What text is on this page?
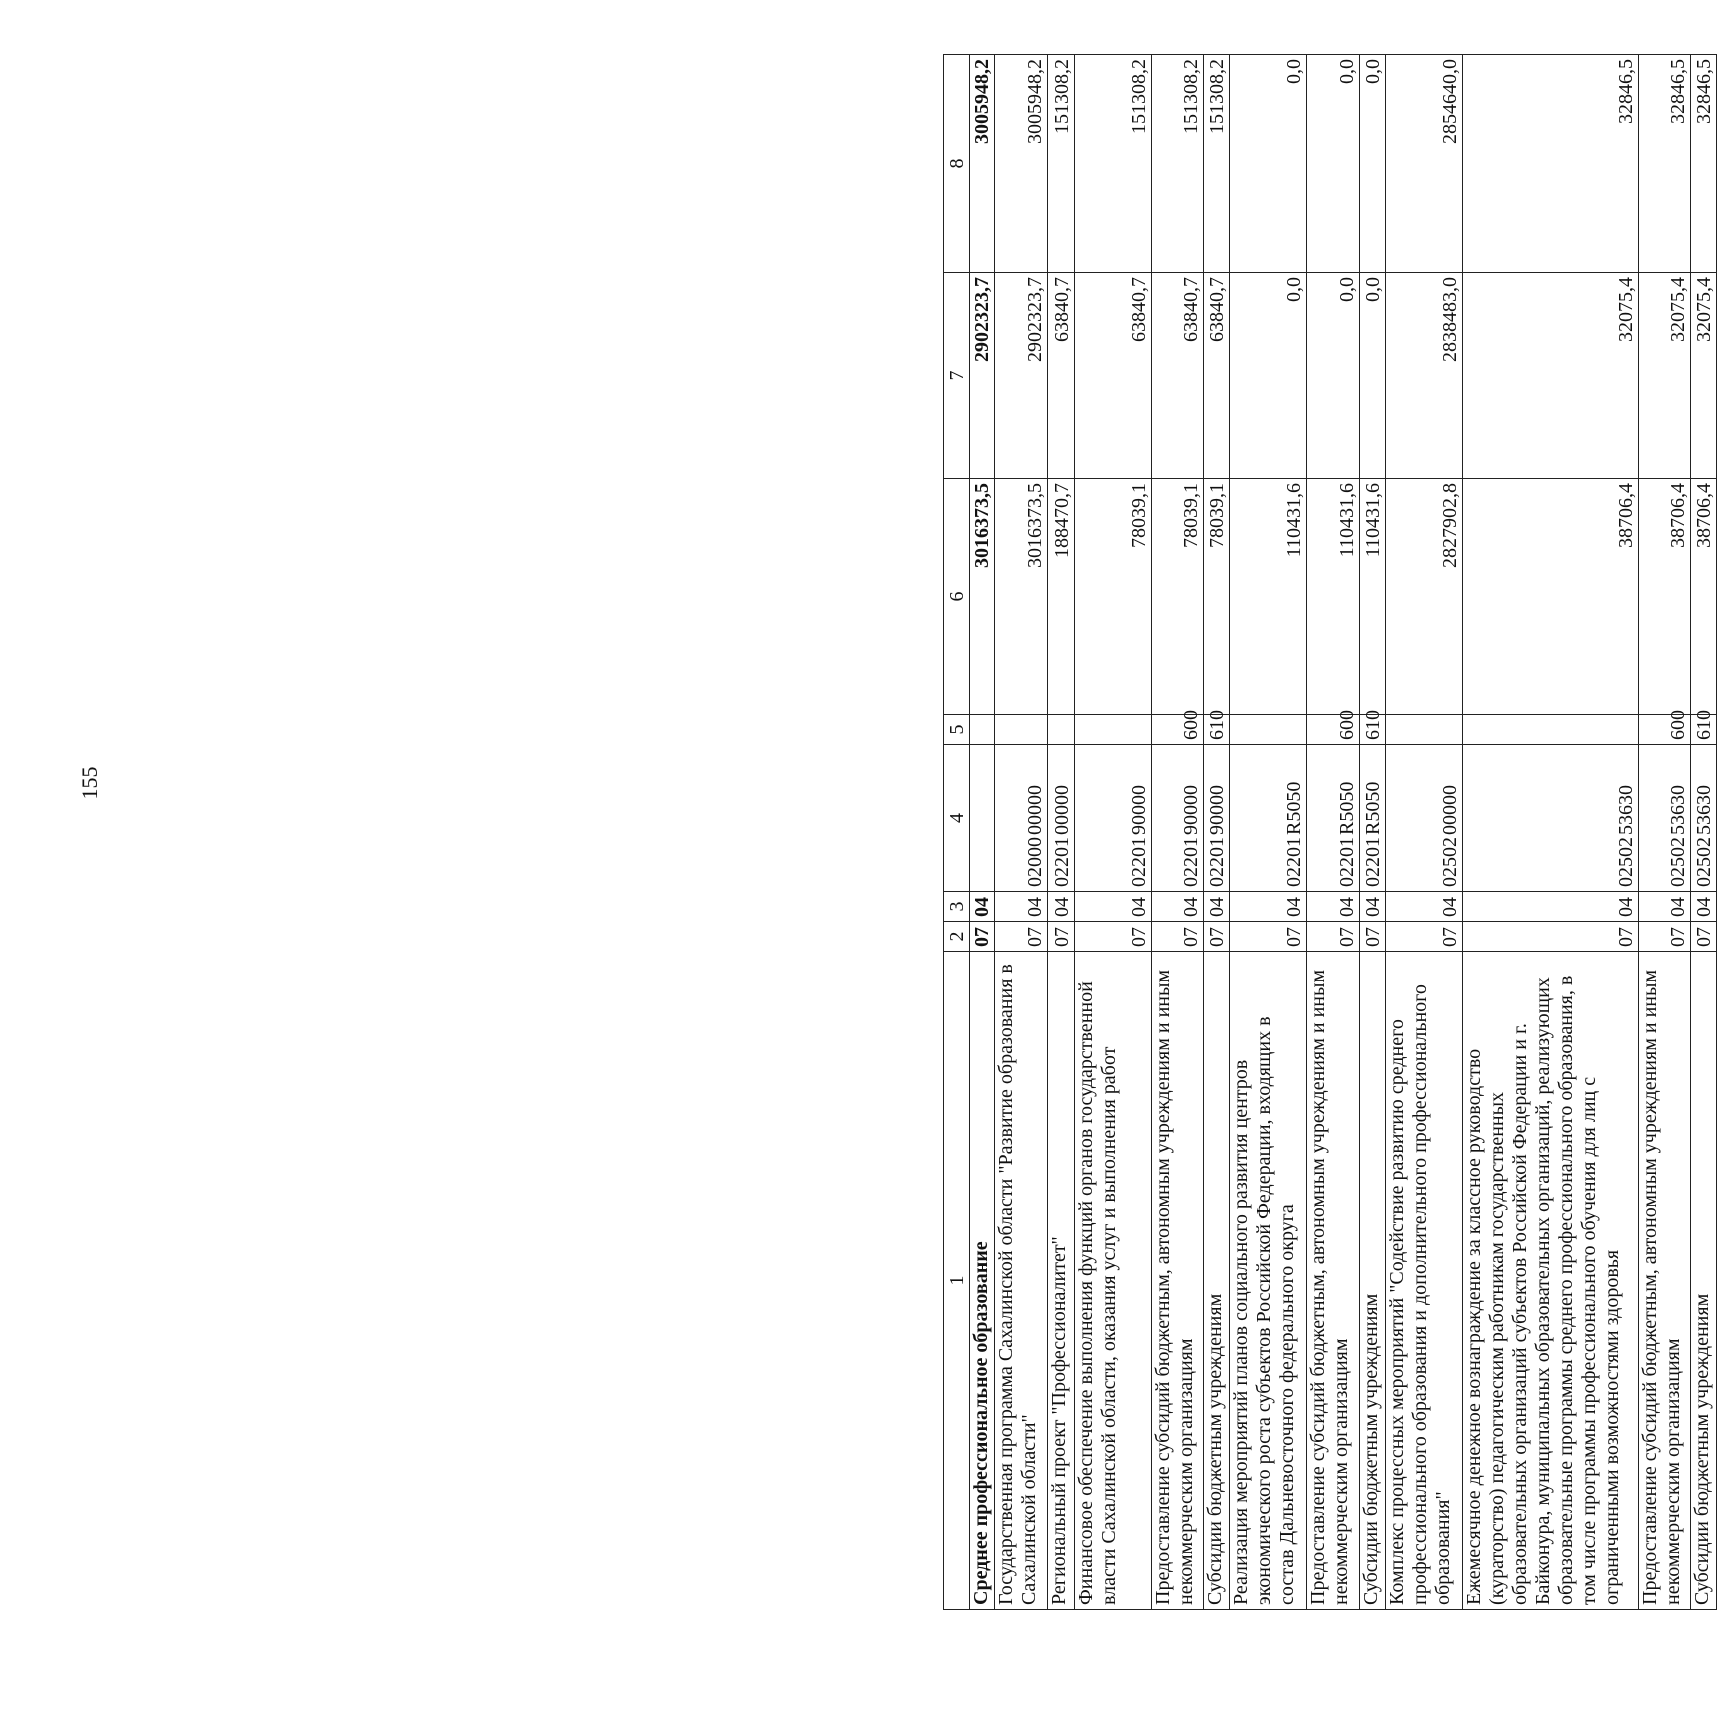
155
1	2	3	4	5	6	7	8
Среднее профессиональное образование	07	04			3016373,5	2902323,7	3005948,2
Государственная программа Сахалинской области "Развитие образования в Сахалинской области"	07	04	0200000000		3016373,5	2902323,7	3005948,2
Региональный проект "Профессионалитет"	07	04	0220100000		188470,7	63840,7	151308,2
Финансовое обеспечение выполнения функций органов государственной власти Сахалинской области, оказания услуг и выполнения работ	07	04	0220190000		78039,1	63840,7	151308,2
Предоставление субсидий бюджетным, автономным учреждениям и иным некоммерческим организациям	07	04	0220190000	600	78039,1	63840,7	151308,2
Субсидии бюджетным учреждениям	07	04	0220190000	610	78039,1	63840,7	151308,2
Реализация мероприятий планов социального развития центров экономического роста субъектов Российской Федерации, входящих в состав Дальневосточного федерального округа	07	04	02201R5050		110431,6	0,0	0,0
Предоставление субсидий бюджетным, автономным учреждениям и иным некоммерческим организациям	07	04	02201R5050	600	110431,6	0,0	0,0
Субсидии бюджетным учреждениям	07	04	02201R5050	610	110431,6	0,0	0,0
Комплекс процессных мероприятий "Содействие развитию среднего профессионального образования и дополнительного профессионального образования"	07	04	0250200000		2827902,8	2838483,0	2854640,0
Ежемесячное денежное вознаграждение за классное руководство (кураторство) педагогическим работникам государственных образовательных организаций субъектов Российской Федерации и г. Байконура, муниципальных образовательных организаций, реализующих образовательные программы среднего профессионального образования, в том числе программы профессионального обучения для лиц с ограниченными возможностями здоровья	07	04	0250253630		38706,4	32075,4	32846,5
Предоставление субсидий бюджетным, автономным учреждениям и иным некоммерческим организациям	07	04	0250253630	600	38706,4	32075,4	32846,5
Субсидии бюджетным учреждениям	07	04	0250253630	610	38706,4	32075,4	32846,5
